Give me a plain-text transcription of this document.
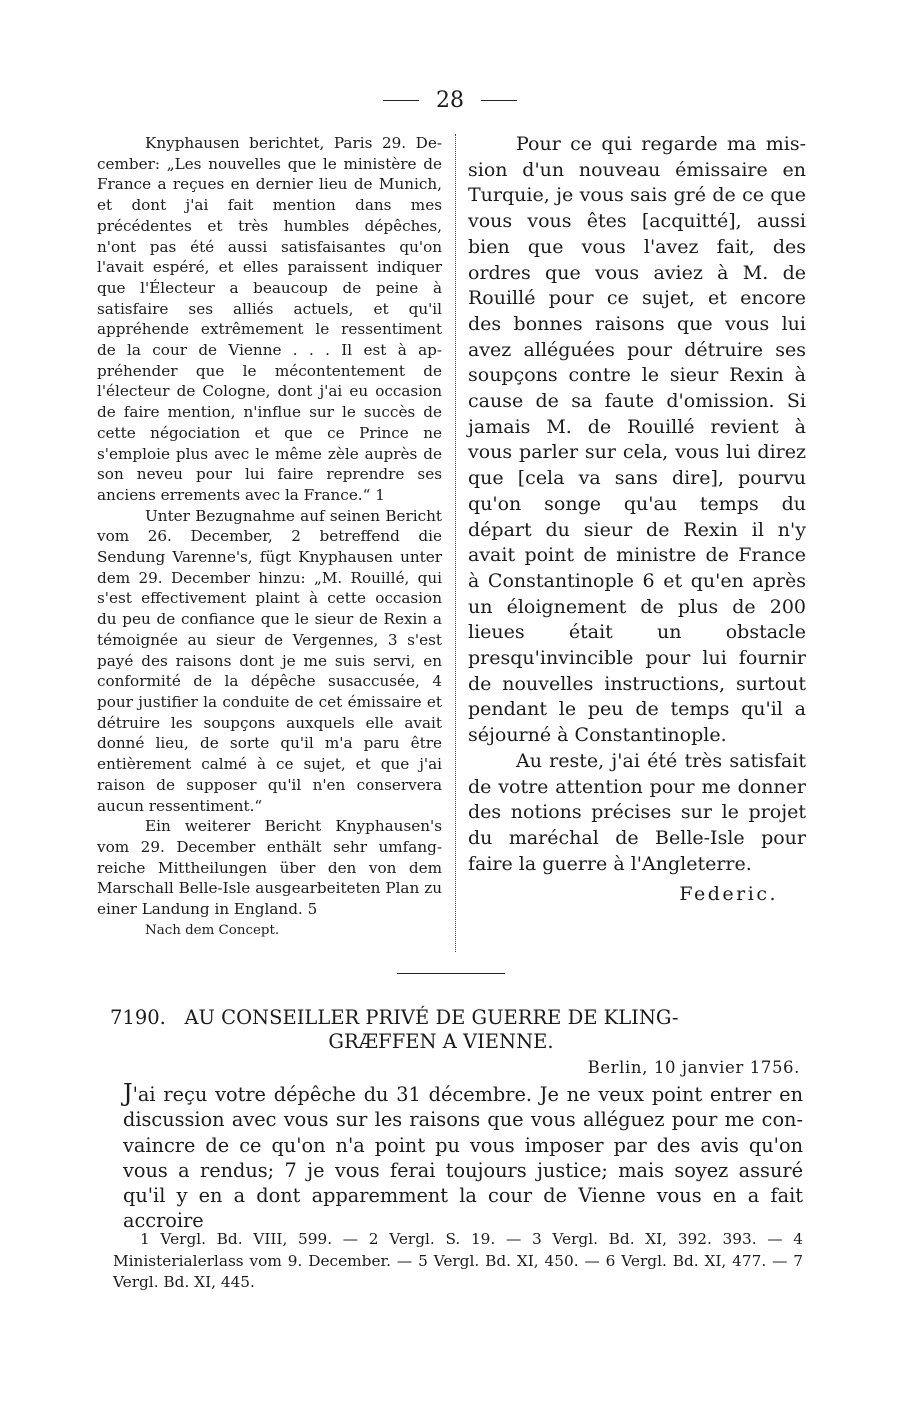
28

Knyphausen berichtet, Paris 29. December: „Les nouvelles que le ministère de France a reçues en dernier lieu de Munich, et dont j'ai fait mention dans mes précédentes et très humbles dépêches, n'ont pas été aussi satisfaisantes qu'on l'avait espéré, et elles paraissent indiquer que l'Électeur a beaucoup de peine à satisfaire ses alliés actuels, et qu'il appréhende extrêmement le ressentiment de la cour de Vienne . . . Il est à appréhender que le mécontentement de l'électeur de Cologne, dont j'ai eu occasion de faire mention, n'influe sur le succès de cette négociation et que ce Prince ne s'emploie plus avec le même zèle auprès de son neveu pour lui faire reprendre ses anciens errements avec la France.“ 1

Unter Bezugnahme auf seinen Bericht vom 26. December, 2 betreffend die Sendung Varenne's, fügt Knyphausen unter dem 29. December hinzu: „M. Rouillé, qui s'est effectivement plaint à cette occasion du peu de confiance que le sieur de Rexin a témoignée au sieur de Vergennes, 3 s'est payé des raisons dont je me suis servi, en conformité de la dépêche susaccusée, 4 pour justifier la conduite de cet émissaire et détruire les soupçons auxquels elle avait donné lieu, de sorte qu'il m'a paru être entièrement calmé à ce sujet, et que j'ai raison de supposer qu'il n'en conservera aucun ressentiment.“

Ein weiterer Bericht Knyphausen's vom 29. December enthält sehr umfangreiche Mittheilungen über den von dem Marschall Belle-Isle ausgearbeiteten Plan zu einer Landung in England. 5

Nach dem Concept.

Pour ce qui regarde ma mission d'un nouveau émissaire en Turquie, je vous sais gré de ce que vous vous êtes [acquitté], aussi bien que vous l'avez fait, des ordres que vous aviez à M. de Rouillé pour ce sujet, et encore des bonnes raisons que vous lui avez alléguées pour détruire ses soupçons contre le sieur Rexin à cause de sa faute d'omission. Si jamais M. de Rouillé revient à vous parler sur cela, vous lui direz que [cela va sans dire], pourvu qu'on songe qu'au temps du départ du sieur de Rexin il n'y avait point de ministre de France à Constantinople 6 et qu'en après un éloignement de plus de 200 lieues était un obstacle presqu'invincible pour lui fournir de nouvelles instructions, surtout pendant le peu de temps qu'il a séjourné à Constantinople.

Au reste, j'ai été très satisfait de votre attention pour me donner des notions précises sur le projet du maréchal de Belle-Isle pour faire la guerre à l'Angleterre.

Federic.

7190. AU CONSEILLER PRIVÉ DE GUERRE DE KLING-
GRÆFFEN A VIENNE.
Berlin, 10 janvier 1756.

J'ai reçu votre dépêche du 31 décembre. Je ne veux point entrer en discussion avec vous sur les raisons que vous alléguez pour me convaincre de ce qu'on n'a point pu vous imposer par des avis qu'on vous a rendus; 7 je vous ferai toujours justice; mais soyez assuré qu'il y en a dont apparemment la cour de Vienne vous en a fait accroire

1 Vergl. Bd. VIII, 599. — 2 Vergl. S. 19. — 3 Vergl. Bd. XI, 392. 393. — 4 Ministerialerlass vom 9. December. — 5 Vergl. Bd. XI, 450. — 6 Vergl. Bd. XI, 477. — 7 Vergl. Bd. XI, 445.
